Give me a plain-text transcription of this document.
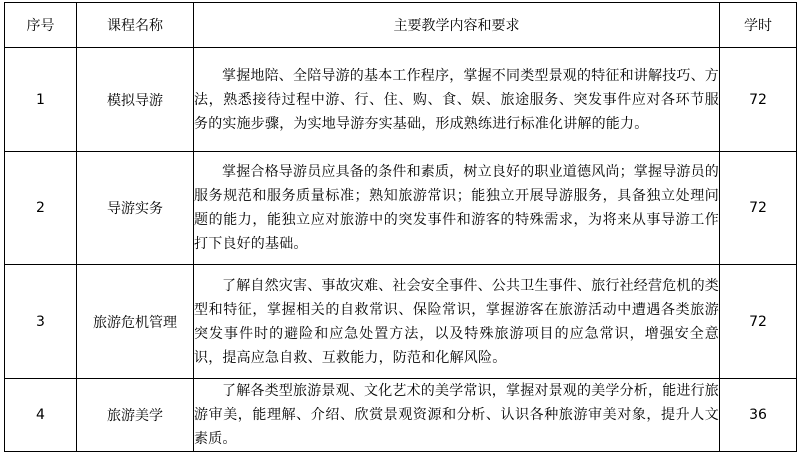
序号	课程名称	主要教学内容和要求	学时
1	模拟导游	掌握地陪、全陪导游的基本工作程序，掌握不同类型景观的特征和讲解技巧、方法，熟悉接待过程中游、行、住、购、食、娱、旅途服务、突发事件应对各环节服务的实施步骤，为实地导游夯实基础，形成熟练进行标准化讲解的能力。	72
2	导游实务	掌握合格导游员应具备的条件和素质，树立良好的职业道德风尚；掌握导游员的服务规范和服务质量标准；熟知旅游常识；能独立开展导游服务，具备独立处理问题的能力，能独立应对旅游中的突发事件和游客的特殊需求，为将来从事导游工作打下良好的基础。	72
3	旅游危机管理	了解自然灾害、事故灾难、社会安全事件、公共卫生事件、旅行社经营危机的类型和特征，掌握相关的自救常识、保险常识，掌握游客在旅游活动中遭遇各类旅游突发事件时的避险和应急处置方法，以及特殊旅游项目的应急常识，增强安全意识，提高应急自救、互救能力，防范和化解风险。	72
4	旅游美学	了解各类型旅游景观、文化艺术的美学常识，掌握对景观的美学分析，能进行旅游审美，能理解、介绍、欣赏景观资源和分析、认识各种旅游审美对象，提升人文素质。	36
